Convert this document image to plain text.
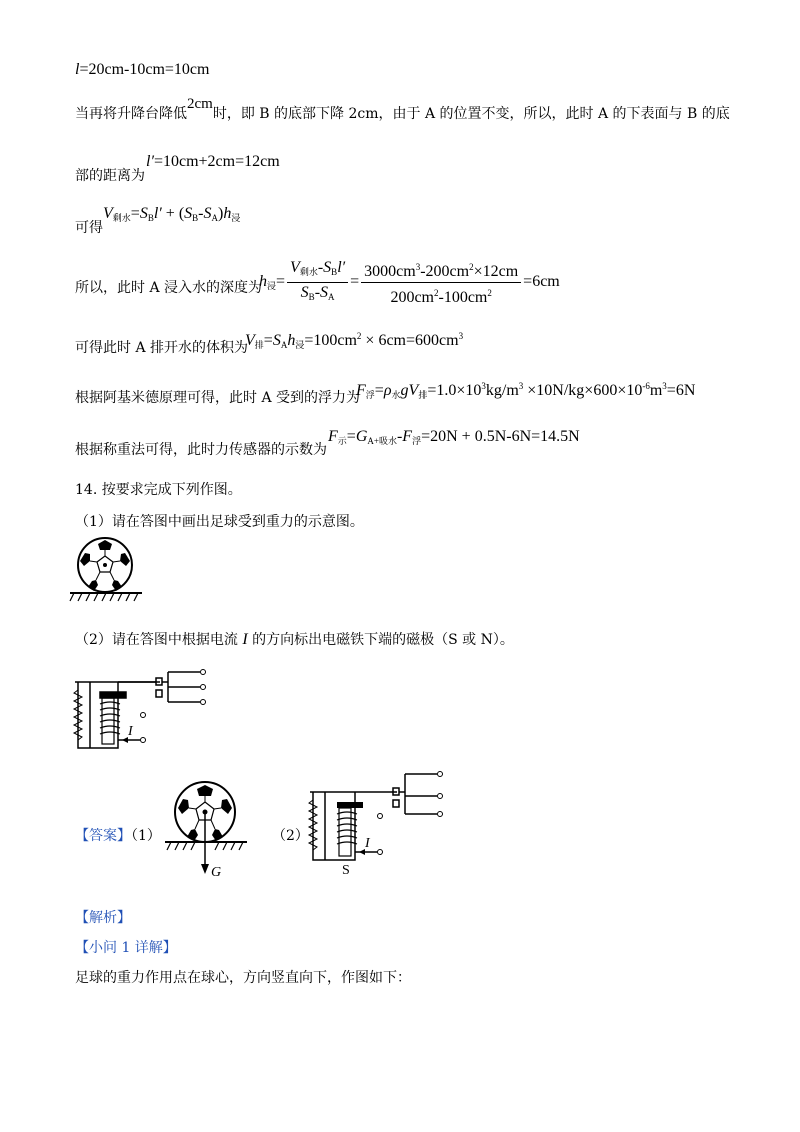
l=20cm-10cm=10cm
当再将升降台降低2cm时，即 B 的底部下降 2cm，由于 A 的位置不变，所以，此时 A 的下表面与 B 的底
部的距离为
l′=10cm+2cm=12cm
可得
$V_{剩水}=S_Bl' + (S_B-S_A)h_浸$
所以，此时 A 浸入水的深度为
$h_浸= \frac{V_{剩水}-S_Bl'}{S_B-S_A} = \frac{3000cm^3-200cm^2\times 12cm}{200cm^2-100cm^2} =6cm$
可得此时 A 排开水的体积为
$V_排=S_Ah_浸=100cm^2 \times 6cm=600cm^3$
根据阿基米德原理可得，此时 A 受到的浮力为
$F_浮=\rho_水gV_排=1.0\times 10^3kg/m^3 \times 10N/kg\times 600\times 10^{-6}m^3=6N$
根据称重法可得，此时力传感器的示数为
$F_示=G_{A+吸水}-F_浮=20N + 0.5N-6N=14.5N$
14. 按要求完成下列作图。
（1）请在答图中画出足球受到重力的示意图。
（2）请在答图中根据电流 I 的方向标出电磁铁下端的磁极（S 或 N）。
I
【答案】（1）	（2）
G
I
S
【解析】
【小问 1 详解】
足球的重力作用点在球心，方向竖直向下，作图如下：
